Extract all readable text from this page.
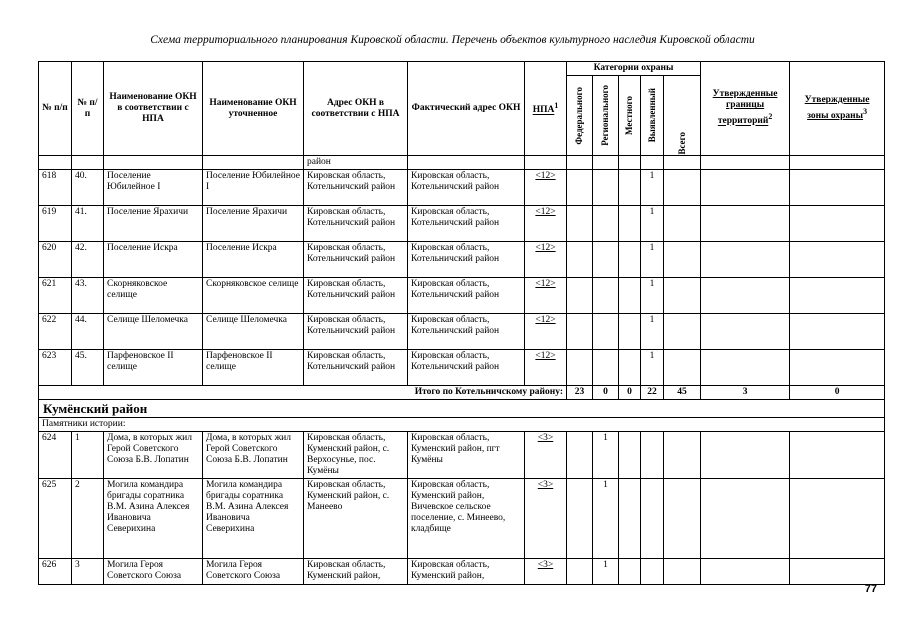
Схема территориального планирования Кировской области. Перечень объектов культурного наследия Кировской области
№ п/п	№ п/п	Наименование ОКН в соответствии с НПА	Наименование ОКН уточненное	Адрес ОКН в соответствии с НПА	Фактический адрес ОКН	НПА$^1$	Категории охраны					Утвержденные границы территорий$^2$	Утвержденные зоны охраны$^3$

							Федерального	Регионального	Местного	Выявленный	Всего		

				район									
618	40.	Поселение Юбилейное I	Поселение Юбилейное I	Кировская область, Котельничский район	Кировская область, Котельничский район	<12>				1			
619	41.	Поселение Ярахичи	Поселение Ярахичи	Кировская область, Котельничский район	Кировская область, Котельничский район	<12>				1			
620	42.	Поселение Искра	Поселение Искра	Кировская область, Котельничский район	Кировская область, Котельничский район	<12>				1			
621	43.	Скорняковское селище	Скорняковское селище	Кировская область, Котельничский район	Кировская область, Котельничский район	<12>				1			
622	44.	Селище Шеломечка	Селище Шеломечка	Кировская область, Котельничский район	Кировская область, Котельничский район	<12>				1			
623	45.	Парфеновское II селище	Парфеновское II селище	Кировская область, Котельничский район	Кировская область, Котельничский район	<12>				1			
Итого по Котельничскому району:							23	0	0	22	45	3	0
Кумёнский район													
Памятники истории:													
624	1	Дома, в которых жил Герой Советского Союза Б.В. Лопатин	Дома, в которых жил Герой Советского Союза Б.В. Лопатин	Кировская область, Куменский район, с. Верхосунье, пос. Кумёны	Кировская область, Куменский район, пгт Кумёны	<3>		1					
625	2	Могила командира бригады соратника В.М. Азина Алексея Ивановича Северихина	Могила командира бригады соратника В.М. Азина Алексея Ивановича Северихина	Кировская область, Куменский район, с. Манеево	Кировская область, Куменский район, Вичевское сельское поселение, с. Минеево, кладбище	<3>		1					
626	3	Могила Героя Советского Союза	Могила Героя Советского Союза	Кировская область, Куменский район,	Кировская область, Куменский район,	<3>		1					
77
